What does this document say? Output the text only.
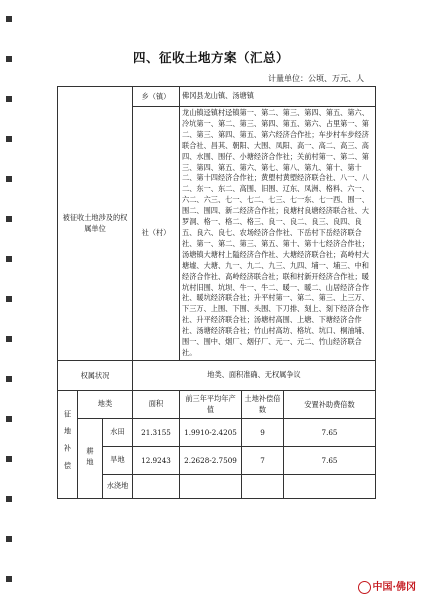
四、征收土地方案（汇总）
计量单位：公顷、万元、人
被征收土地涉及的权属单位			乡（镇）	佛冈县龙山镇、汤塘镇		
			社（村）	龙山镇迳镇村迳镇第一、第二、第三、第四、第五、第六、冷坑第一、第二、第三、第四、第五、第六、占里第一、第二、第三、第四、第五、第六经济合作社；车步村车步经济联合社、昌其、朝阳、大围、凤阳、高一、高二、高三、高四、水围、围仔、小塘经济合作社；关前村第一、第二、第三、第四、第五、第六、第七、第八、第九、第十、第十二、第十四经济合作社；黄塱村黄塱经济联合社、八一、八二、东一、东二、高围、旧围、辽东、凤洲、格料、六一、六二、六三、七一、七二、七三、七一东、七一西、围一、围二、围四、新二经济合作社；良塘村良塘经济联合社、大罗洞、格一、格二、格三、良一、良二、良三、良四、良五、良六、良七、农场经济合作社、下岳村下岳经济联合社、第一、第二、第三、第五、第十、第十七经济合作社；汤塘镇大塘村上隘经济合作社、大塘经济联合社；高岭村大塘墟、大塘、九一、九二、九三、九四、埔一、埔三、中和经济合作社、高岭经济联合社；联和村新开经济合作社；暖坑村旧围、坑坝、牛一、牛二、暖一、暖二、山居经济合作社、暖坑经济联合社；升平村第一、第二、第三、上三万、下三万、上围、下围、头围、下刀排、刻上、刻下经济合作社、升平经济联合社；汤塘村高围、上塘、下塘经济合作社、汤塘经济联合社；竹山村高坊、格坑、坑口、桐油埔、围一、围中、烟厂、烟仔厂、元一、元二、竹山经济联合社。		
权属状况			地类、面积准确、无权属争议			

征地补偿	地类		面积	前三年平均年产值	土地补偿倍数	安置补助费倍数

	耕地	水田	21.3155	1.9910-2.4205	9	7.65
		旱地	12.9243	2.2628-2.7509	7	7.65
		水浇地				
中国·佛冈
